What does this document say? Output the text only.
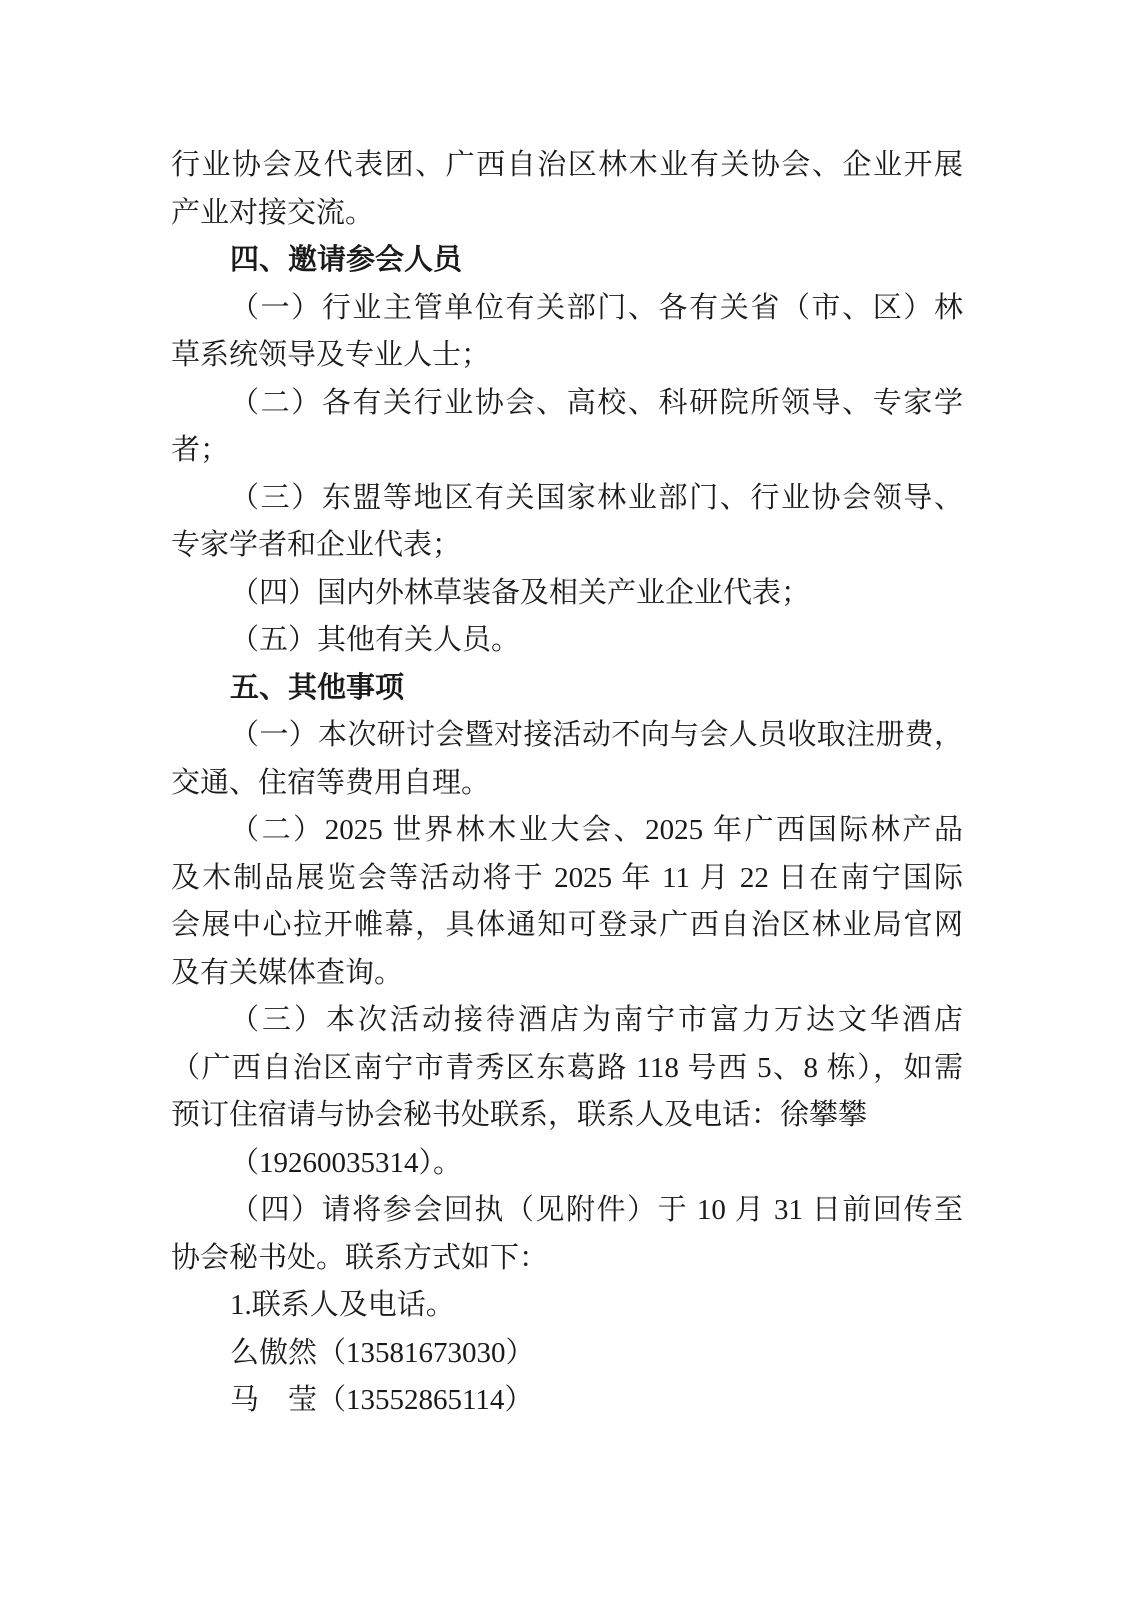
行业协会及代表团、广西自治区林木业有关协会、企业开展
产业对接交流。
四、邀请参会人员
（一）行业主管单位有关部门、各有关省（市、区）林
草系统领导及专业人士；
（二）各有关行业协会、高校、科研院所领导、专家学
者；
（三）东盟等地区有关国家林业部门、行业协会领导、
专家学者和企业代表；
（四）国内外林草装备及相关产业企业代表；
（五）其他有关人员。
五、其他事项
（一）本次研讨会暨对接活动不向与会人员收取注册费，
交通、住宿等费用自理。
（二）2025 世界林木业大会、2025 年广西国际林产品
及木制品展览会等活动将于 2025 年 11 月 22 日在南宁国际
会展中心拉开帷幕，具体通知可登录广西自治区林业局官网
及有关媒体查询。
（三）本次活动接待酒店为南宁市富力万达文华酒店
（广西自治区南宁市青秀区东葛路 118 号西 5、8 栋），如需
预订住宿请与协会秘书处联系，联系人及电话：徐攀攀
（19260035314）。
（四）请将参会回执（见附件）于 10 月 31 日前回传至
协会秘书处。联系方式如下：
1.联系人及电话。
么傲然（13581673030）
马　莹（13552865114）
